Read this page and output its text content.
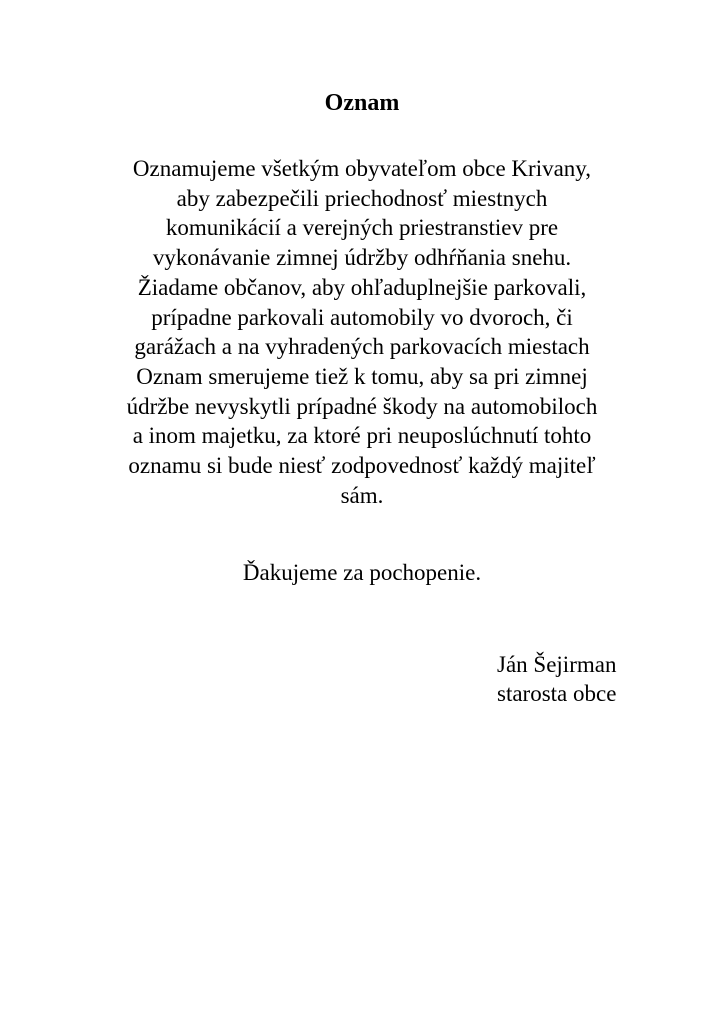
Oznam
Oznamujeme všetkým obyvateľom obce Krivany,
aby zabezpečili priechodnosť miestnych
komunikácií a verejných priestranstiev pre
vykonávanie zimnej údržby odhŕňania snehu.
Žiadame občanov, aby ohľaduplnejšie parkovali,
prípadne parkovali automobily vo dvoroch, či
garážach a na vyhradených parkovacích miestach
Oznam smerujeme tiež k tomu, aby sa pri zimnej
údržbe nevyskytli prípadné škody na automobiloch
a inom majetku, za ktoré pri neuposlúchnutí tohto
oznamu si bude niesť zodpovednosť každý majiteľ
sám.
Ďakujeme za pochopenie.
Ján Šejirman
starosta obce
